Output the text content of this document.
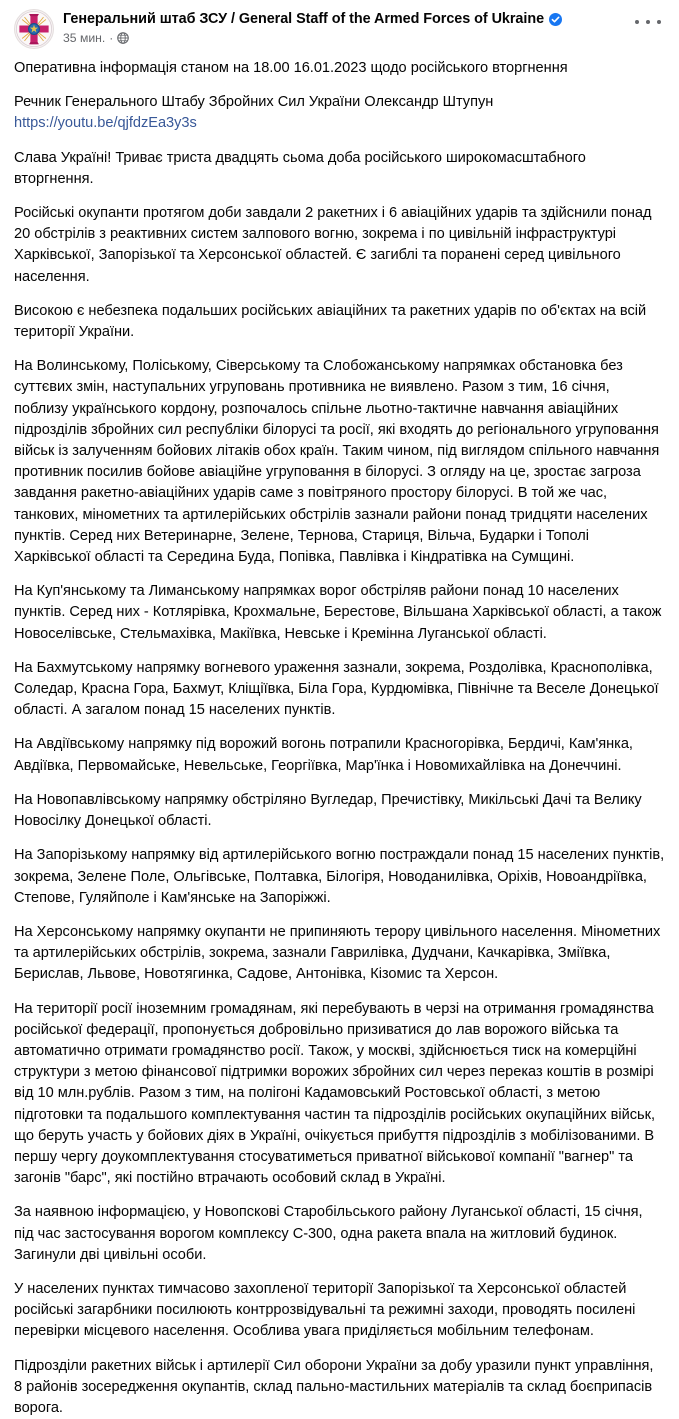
Генеральний штаб ЗСУ / General Staff of the Armed Forces of Ukraine
35 мин. ·

Оперативна інформація станом на 18.00 16.01.2023 щодо російського вторгнення

Речник Генерального Штабу Збройних Сил України Олександр Штупун

https://youtu.be/qjfdzEa3y3s

Слава Україні! Триває триста двадцять сьома доба російського широкомасштабного вторгнення.

Російські окупанти протягом доби завдали 2 ракетних і 6 авіаційних ударів та здійснили понад 20 обстрілів з реактивних систем залпового вогню, зокрема і по цивільній інфраструктурі Харківської, Запорізької та Херсонської областей. Є загиблі та поранені серед цивільного населення.

Високою є небезпека подальших російських авіаційних та ракетних ударів по об'єктах на всій території України.

На Волинському, Поліському, Сіверському та Слобожанському напрямках обстановка без суттєвих змін, наступальних угруповань противника не виявлено. Разом з тим, 16 січня, поблизу українського кордону, розпочалось спільне льотно-тактичне навчання авіаційних підрозділів збройних сил республіки білорусі та росії, які входять до регіонального угруповання військ із залученням бойових літаків обох країн. Таким чином, під виглядом спільного навчання противник посилив бойове авіаційне угруповання в білорусі. З огляду на це, зростає загроза завдання ракетно-авіаційних ударів саме з повітряного простору білорусі. В той же час, танкових, мінометних та артилерійських обстрілів зазнали райони понад тридцяти населених пунктів. Серед них Ветеринарне, Зелене, Тернова, Стариця, Вільча, Бударки і Тополі Харківської області та Середина Буда, Попівка, Павлівка і Кіндратівка на Сумщині.

На Куп'янському та Лиманському напрямках ворог обстріляв райони понад 10 населених пунктів. Серед них - Котлярівка, Крохмальне, Берестове, Вільшана Харківської області, а також Новоселівське, Стельмахівка, Макіївка, Невське і Кремінна Луганської області.

На Бахмутському напрямку вогневого ураження зазнали, зокрема, Роздолівка, Краснополівка, Соледар, Красна Гора, Бахмут, Кліщіївка, Біла Гора, Курдюмівка, Північне та Веселе Донецької області. А загалом понад 15 населених пунктів.

На Авдіївському напрямку під ворожий вогонь потрапили Красногорівка, Бердичі, Кам'янка, Авдіївка, Первомайське, Невельське, Георгіївка, Мар'їнка і Новомихайлівка на Донеччині.

На Новопавлівському напрямку обстріляно Вугледар, Пречистівку, Микільські Дачі та Велику Новосілку Донецької області.

На Запорізькому напрямку від артилерійського вогню постраждали понад 15 населених пунктів, зокрема, Зелене Поле, Ольгівське, Полтавка, Білогіря, Новоданилівка, Оріхів, Новоандріївка, Степове, Гуляйполе і Кам'янське на Запоріжжі.

На Херсонському напрямку окупанти не припиняють терору цивільного населення. Мінометних та артилерійських обстрілів, зокрема, зазнали Гаврилівка, Дудчани, Качкарівка, Зміївка, Берислав, Львове, Новотягинка, Садове, Антонівка, Кізомис та Херсон.

На території росії іноземним громадянам, які перебувають в черзі на отримання громадянства російської федерації, пропонується добровільно призиватися до лав ворожого війська та автоматично отримати громадянство росії. Також, у москві, здійснюється тиск на комерційні структури з метою фінансової підтримки ворожих збройних сил через переказ коштів в розмірі від 10 млн.рублів. Разом з тим, на полігоні Кадамовський Ростовської області, з метою підготовки та подальшого комплектування частин та підрозділів російських окупаційних військ, що беруть участь у бойових діях в Україні, очікується прибуття підрозділів з мобілізованими. В першу чергу доукомплектування стосуватиметься приватної військової компанії "вагнер" та загонів "барс", які постійно втрачають особовий склад в Україні.

За наявною інформацією, у Новопскові Старобільського району Луганської області, 15 січня, під час застосування ворогом комплексу С-300, одна ракета впала на житловий будинок. Загинули дві цивільні особи.

У населених пунктах тимчасово захопленої території Запорізької та Херсонської областей російські загарбники посилюють контррозвідувальні та режимні заходи, проводять посилені перевірки місцевого населення. Особлива увага приділяється мобільним телефонам.

Підрозділи ракетних військ і артилерії Сил оборони України за добу уразили пункт управління, 8 районів зосередження окупантів, склад пально-мастильних матеріалів та склад боєприпасів ворога.
